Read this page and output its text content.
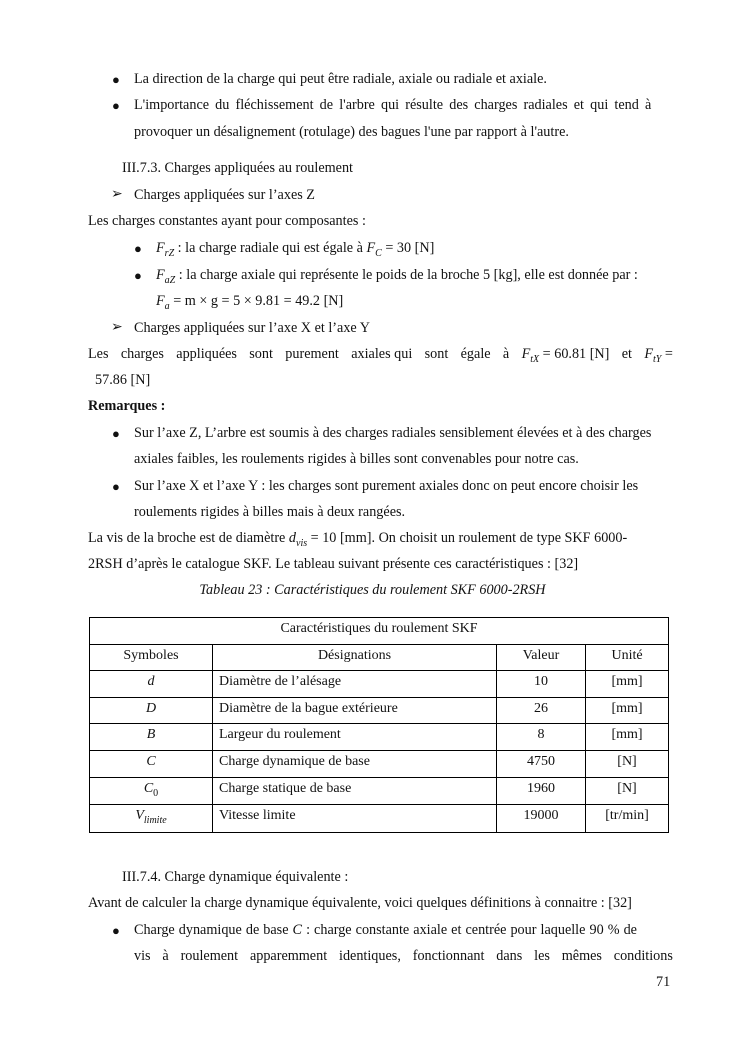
● La direction de la charge qui peut être radiale, axiale ou radiale et axiale.
● L'importance du fléchissement de l'arbre qui résulte des charges radiales et qui tend à
provoquer un désalignement (rotulage) des bagues l'une par rapport à l'autre.
III.7.3. Charges appliquées au roulement
➢ Charges appliquées sur l’axes Z
Les charges constantes ayant pour composantes :
● $F_{rZ}$ : la charge radiale qui est égale à $F_C = 30$ [N]
● $F_{aZ}$ : la charge axiale qui représente le poids de la broche 5 [kg], elle est donnée par :
$F_a = m \times g = 5 \times 9.81 = 49.2$ [N]
➢ Charges appliquées sur l’axe X et l’axe Y
Les charges appliquées sont purement axiales qui sont égale à $F_{tX} = 60.81$ [N] et $F_{tY}$ =
57.86 [N]
Remarques :
● Sur l’axe Z, L’arbre est soumis à des charges radiales sensiblement élevées et à des charges
axiales faibles, les roulements rigides à billes sont convenables pour notre cas.
● Sur l’axe X et l’axe Y : les charges sont purement axiales donc on peut encore choisir les
roulements rigides à billes mais à deux rangées.
La vis de la broche est de diamètre $d_{vis} = 10$ [mm]. On choisit un roulement de type SKF 6000-
2RSH d’après le catalogue SKF. Le tableau suivant présente ces caractéristiques : [32]
Tableau 23 : Caractéristiques du roulement SKF 6000-2RSH
Caractéristiques du roulement SKF			
Symboles	Désignations	Valeur	Unité
d	Diamètre de l’alésage	10	[mm]
D	Diamètre de la bague extérieure	26	[mm]
B	Largeur du roulement	8	[mm]
C	Charge dynamique de base	4750	[N]
$C_0$	Charge statique de base	1960	[N]
$V_{limite}$	Vitesse limite	19000	[tr/min]
III.7.4. Charge dynamique équivalente :
Avant de calculer la charge dynamique équivalente, voici quelques définitions à connaitre : [32]
● Charge dynamique de base C : charge constante axiale et centrée pour laquelle 90 % de
vis à roulement apparemment identiques, fonctionnant dans les mêmes conditions
71
